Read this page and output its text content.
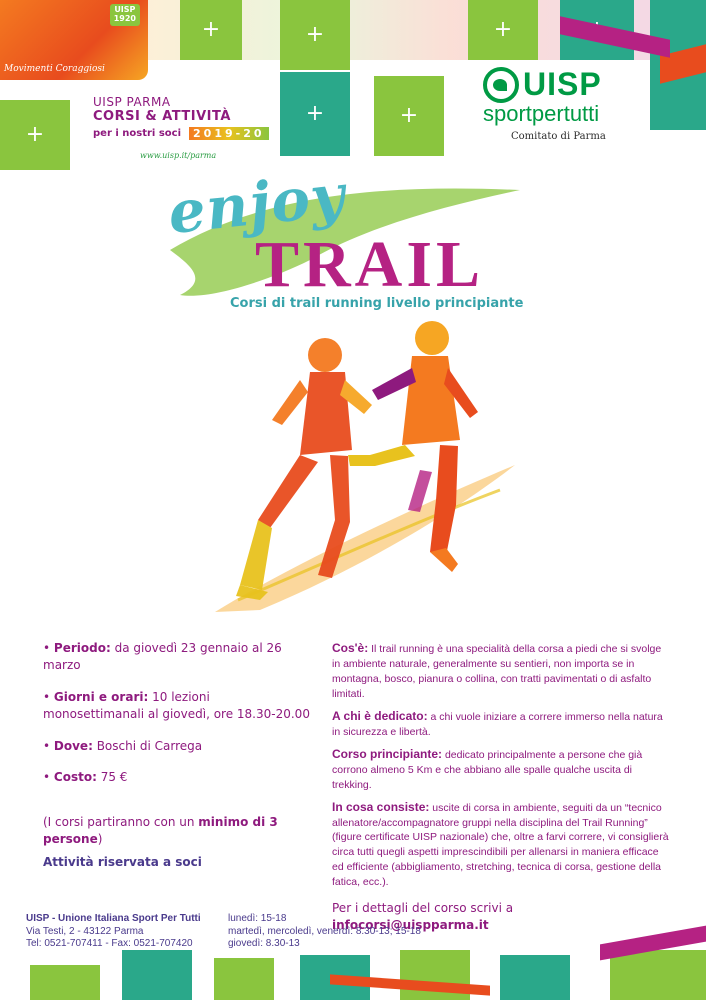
+
+	+
+	+
+
UISP
1920
Movimenti Coraggiosi
UISP PARMA
CORSI & ATTIVITÀ
per i nostri soci	2019-20
www.uisp.it/parma
UISP
sportpertutti
Comitato di Parma
enjoy
TRAIL
Corsi di trail running livello principiante

• Periodo: da giovedì 23 gennaio al 26 marzo

• Giorni e orari: 10 lezioni monosettimanali al giovedì, ore 18.30-20.00

• Dove: Boschi di Carrega

• Costo: 75 €

(I corsi partiranno con un minimo di 3 persone)
Attività riservata a soci

Cos'è: Il trail running è una specialità della corsa a piedi che si svolge in ambiente naturale, generalmente su sentieri, non importa se in montagna, bosco, pianura o collina, con tratti pavimentati o di asfalto limitati.

A chi è dedicato: a chi vuole iniziare a correre immerso nella natura in sicurezza e libertà.

Corso principiante: dedicato principalmente a persone che già corrono almeno 5 Km e che abbiano alle spalle qualche uscita di trekking.

In cosa consiste: uscite di corsa in ambiente, seguiti da un “tecnico allenatore/accompagnatore gruppi nella disciplina del Trail Running” (figure certificate UISP nazionale) che, oltre a farvi correre, vi consiglierà circa tutti quegli aspetti imprescindibili per allenarsi in maniera efficace ed efficiente (abbigliamento, stretching, tecnica di corsa, gestione della fatica, ecc.).

Per i dettagli del corso scrivi a infocorsi@uispparma.it

UISP - Unione Italiana Sport Per Tutti
Via Testi, 2 - 43122 Parma
Tel: 0521-707411 - Fax: 0521-707420
lunedì: 15-18
martedì, mercoledì, venerdì: 8.30-13; 15-18
giovedì: 8.30-13
